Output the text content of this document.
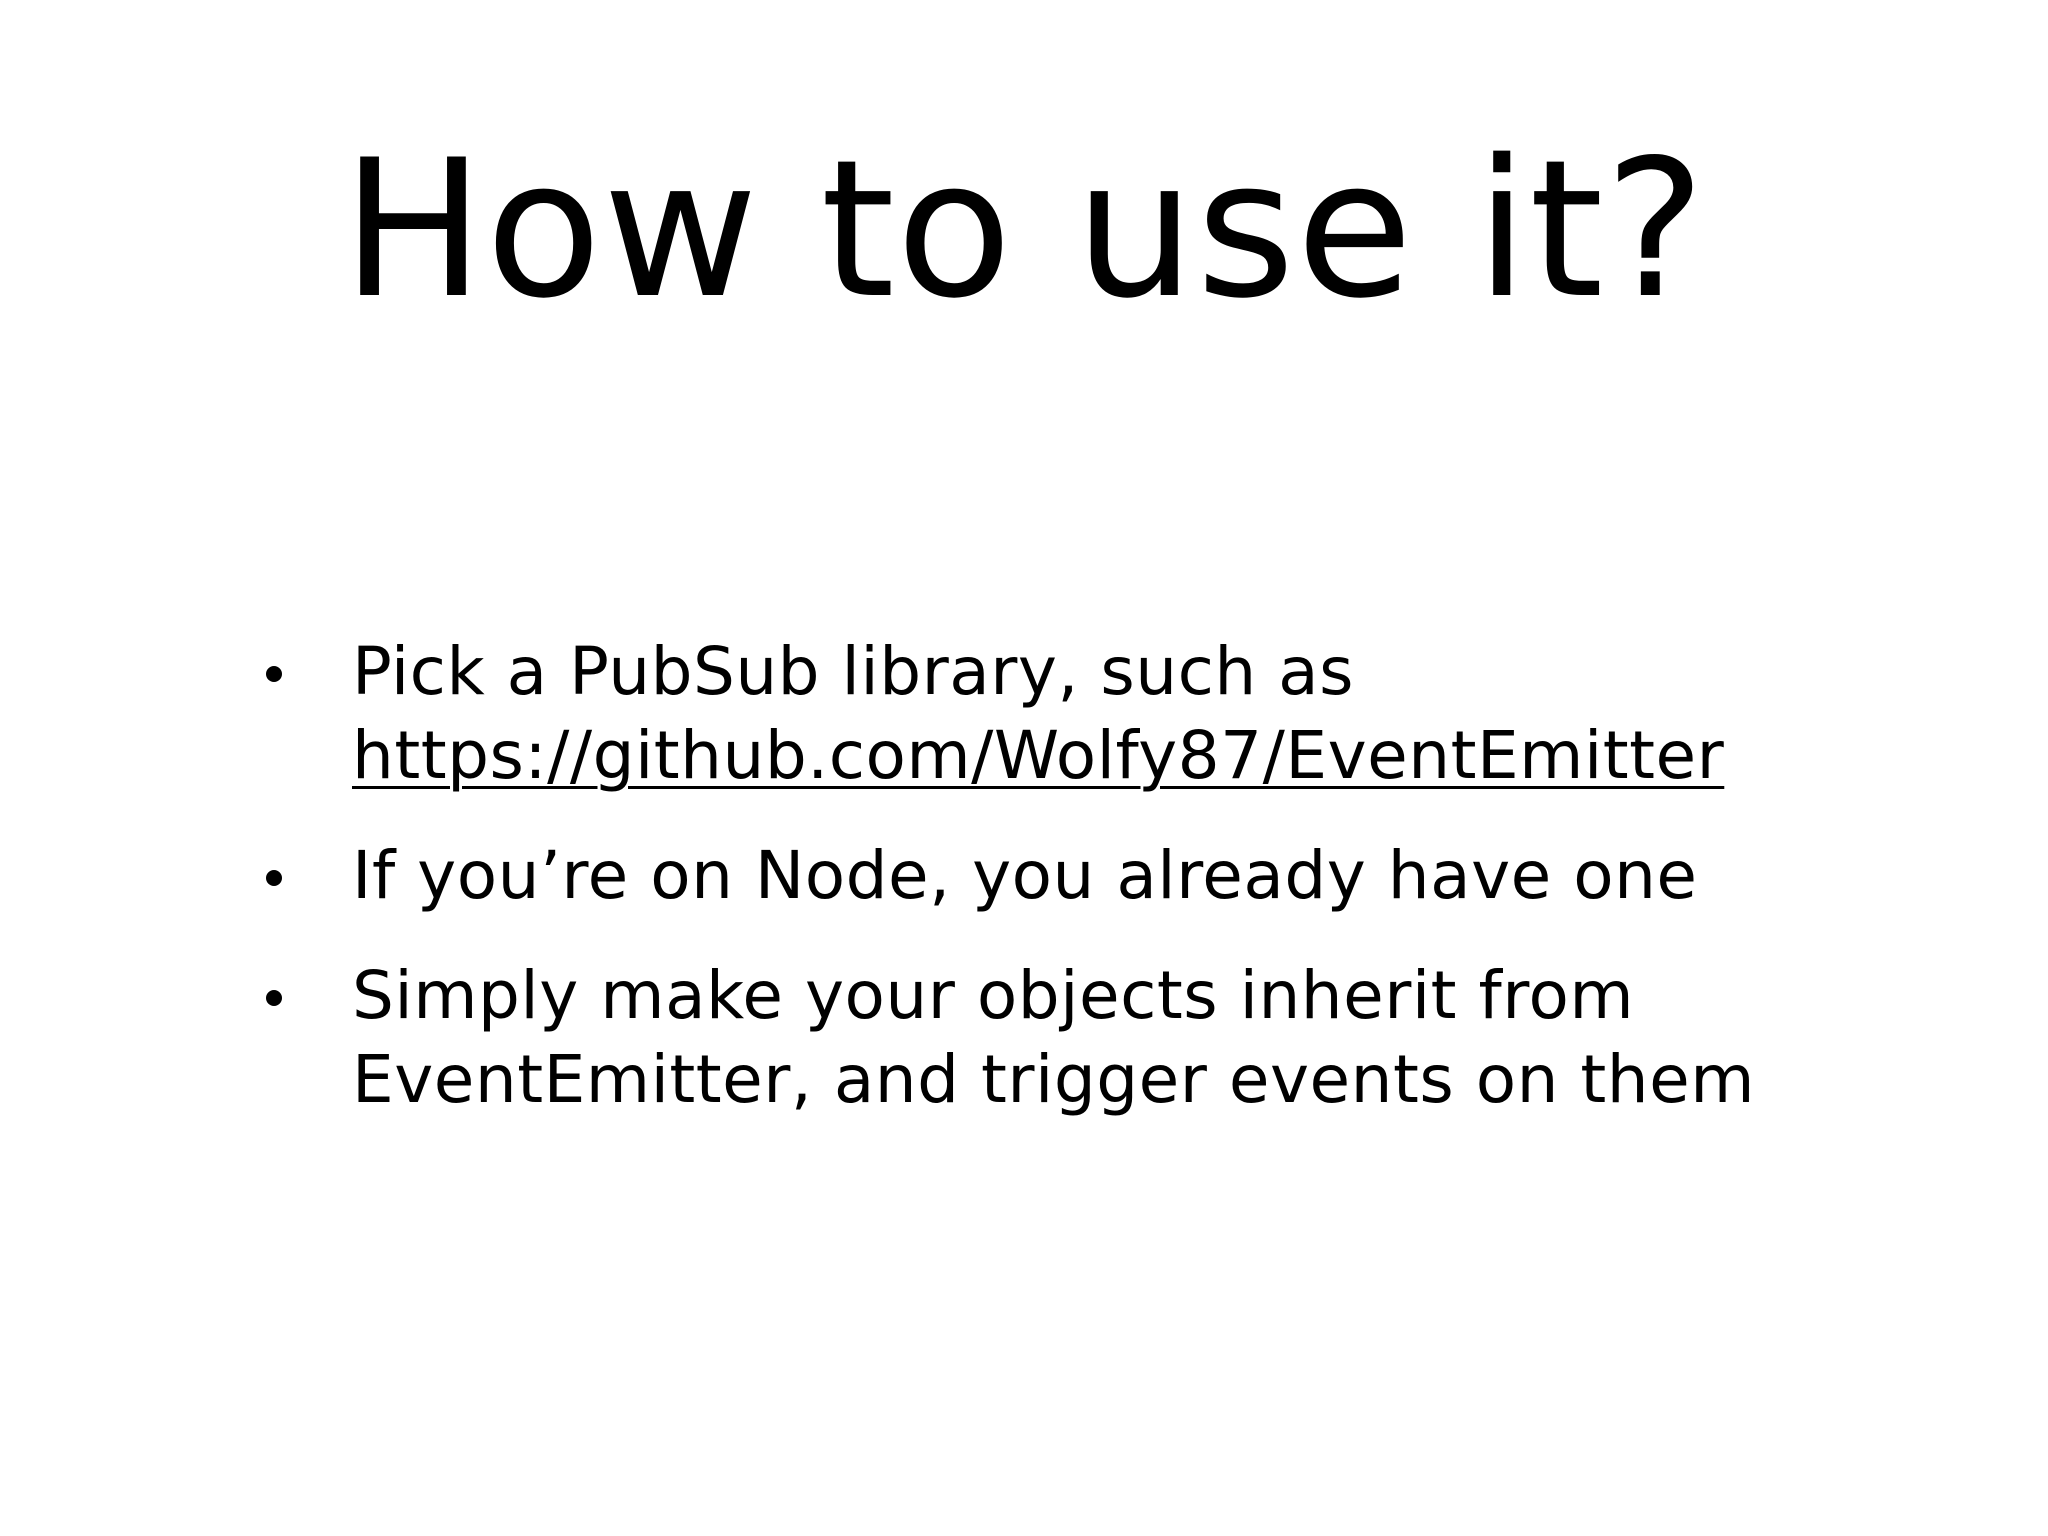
How to use it?
Pick a PubSub library, such as
https://github.com/Wolfy87/EventEmitter
If you’re on Node, you already have one
Simply make your objects inherit from
EventEmitter, and trigger events on them
